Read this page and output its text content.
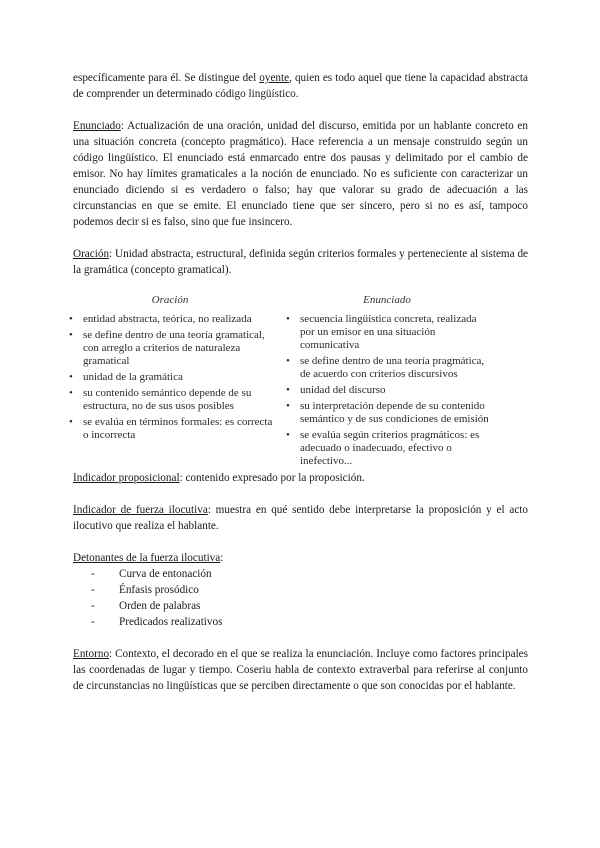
específicamente para él. Se distingue del oyente, quien es todo aquel que tiene la capacidad abstracta de comprender un determinado código lingüístico.

Enunciado: Actualización de una oración, unidad del discurso, emitida por un hablante concreto en una situación concreta (concepto pragmático). Hace referencia a un mensaje construido según un código lingüístico. El enunciado está enmarcado entre dos pausas y delimitado por el cambio de emisor. No hay límites gramaticales a la noción de enunciado. No es suficiente con caracterizar un enunciado diciendo si es verdadero o falso; hay que valorar su grado de adecuación a las circunstancias en que se emite. El enunciado tiene que ser sincero, pero si no es así, tampoco podemos decir si es falso, sino que fue insincero.

Oración: Unidad abstracta, estructural, definida según criterios formales y perteneciente al sistema de la gramática (concepto gramatical).

Oración
• entidad abstracta, teórica, no realizada
• se define dentro de una teoría gramatical, con arreglo a criterios de naturaleza gramatical
• unidad de la gramática
• su contenido semántico depende de su estructura, no de sus usos posibles
• se evalúa en términos formales: es correcta o incorrecta
Enunciado
• secuencia lingüística concreta, realizada por un emisor en una situación comunicativa
• se define dentro de una teoría pragmática, de acuerdo con criterios discursivos
• unidad del discurso
• su interpretación depende de su contenido semántico y de sus condiciones de emisión
• se evalúa según criterios pragmáticos: es adecuado o inadecuado, efectivo o inefectivo...

Indicador proposicional: contenido expresado por la proposición.

Indicador de fuerza ilocutiva: muestra en qué sentido debe interpretarse la proposición y el acto ilocutivo que realiza el hablante.

Detonantes de la fuerza ilocutiva:

- Curva de entonación
- Énfasis prosódico
- Orden de palabras
- Predicados realizativos

Entorno: Contexto, el decorado en el que se realiza la enunciación. Incluye como factores principales las coordenadas de lugar y tiempo. Coseriu habla de contexto extraverbal para referirse al conjunto de circunstancias no lingüísticas que se perciben directamente o que son conocidas por el hablante.
